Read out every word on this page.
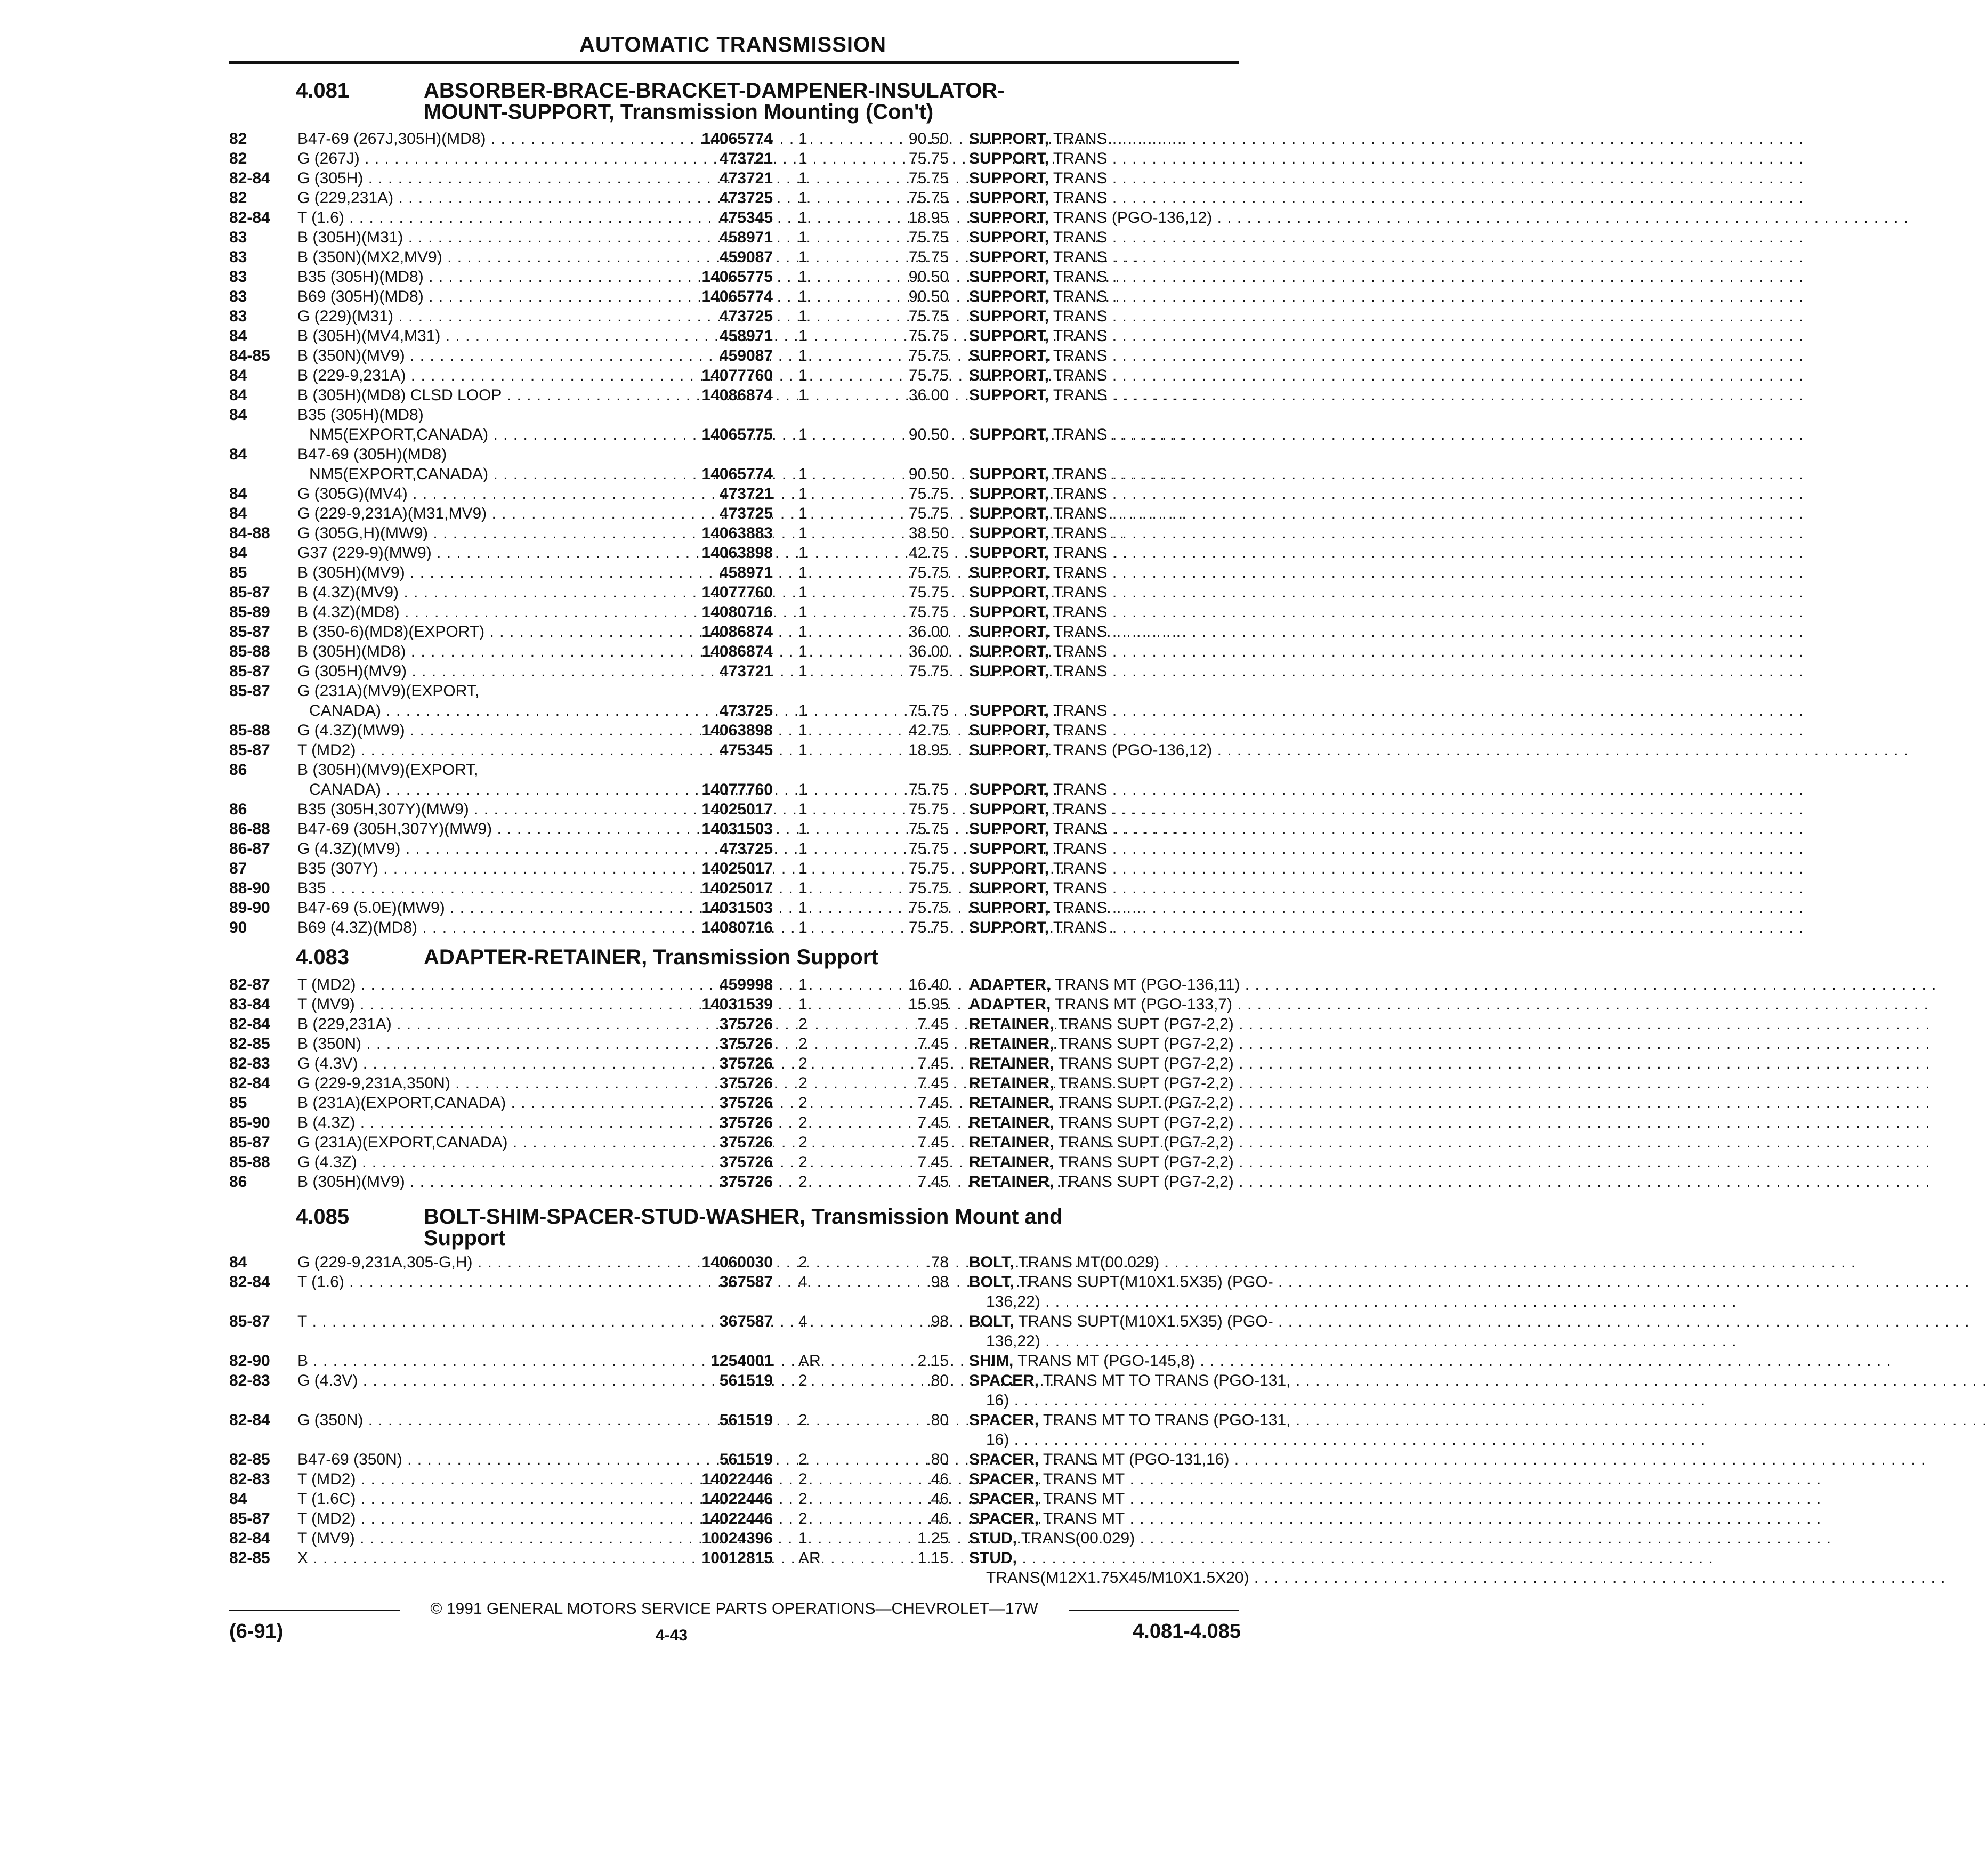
AUTOMATIC TRANSMISSION
4.081	ABSORBER-BRACE-BRACKET-DAMPENER-INSULATOR-
MOUNT-SUPPORT, Transmission Mounting (Con't)
82	B47-69 (267J,305H)(MD8) . . .	14065774 1	90.50 SUPPORT, TRANS . . .
82	G (267J) . . .	473721 1	75.75 SUPPORT, TRANS . . .
82-84	G (305H) . . .	473721 1	75.75 SUPPORT, TRANS . . .
82	G (229,231A) . . .	473725 1	75.75 SUPPORT, TRANS . . .
82-84	T (1.6) . . .	475345 1	18.95 SUPPORT, TRANS (PGO-136,12) . . .
83	B (305H)(M31) . . .	458971 1	75.75 SUPPORT, TRANS . . .
83	B (350N)(MX2,MV9) . . .	459087 1	75.75 SUPPORT, TRANS . . .
83	B35 (305H)(MD8) . . .	14065775 1	90.50 SUPPORT, TRANS . . .
83	B69 (305H)(MD8) . . .	14065774 1	90.50 SUPPORT, TRANS . . .
83	G (229)(M31) . . .	473725 1	75.75 SUPPORT, TRANS . . .
84	B (305H)(MV4,M31) . . .	458971 1	75.75 SUPPORT, TRANS . . .
84-85	B (350N)(MV9) . . .	459087 1	75.75 SUPPORT, TRANS . . .
84	B (229-9,231A) . . .	14077760 1	75.75 SUPPORT, TRANS . . .
84	B (305H)(MD8) CLSD LOOP . . .	14086874 1	36.00 SUPPORT, TRANS . . .
84	B35 (305H)(MD8)
NM5(EXPORT,CANADA) . . .	14065775 1	90.50 SUPPORT, TRANS . . .
84	B47-69 (305H)(MD8)
NM5(EXPORT,CANADA) . . .	14065774 1	90.50 SUPPORT, TRANS . . .
84	G (305G)(MV4) . . .	473721 1	75.75 SUPPORT, TRANS . . .
84	G (229-9,231A)(M31,MV9) . . .	473725 1	75.75 SUPPORT, TRANS . . .
84-88	G (305G,H)(MW9) . . .	14063883 1	38.50 SUPPORT, TRANS . . .
84	G37 (229-9)(MW9) . . .	14063898 1	42.75 SUPPORT, TRANS . . .
85	B (305H)(MV9) . . .	458971 1	75.75 SUPPORT, TRANS . . .
85-87	B (4.3Z)(MV9) . . .	14077760 1	75.75 SUPPORT, TRANS . . .
85-89	B (4.3Z)(MD8) . . .	14080716 1	75.75 SUPPORT, TRANS . . .
85-87	B (350-6)(MD8)(EXPORT) . . .	14086874 1	36.00 SUPPORT, TRANS . . .
85-88	B (305H)(MD8) . . .	14086874 1	36.00 SUPPORT, TRANS . . .
85-87	G (305H)(MV9) . . .	473721 1	75.75 SUPPORT, TRANS . . .
85-87	G (231A)(MV9)(EXPORT,
CANADA) . . .	473725 1	75.75 SUPPORT, TRANS . . .
85-88	G (4.3Z)(MW9) . . .	14063898 1	42.75 SUPPORT, TRANS . . .
85-87	T (MD2) . . .	475345 1	18.95 SUPPORT, TRANS (PGO-136,12) . . .
86	B (305H)(MV9)(EXPORT,
CANADA) . . .	14077760 1	75.75 SUPPORT, TRANS . . .
86	B35 (305H,307Y)(MW9) . . .	14025017 1	75.75 SUPPORT, TRANS . . .
86-88	B47-69 (305H,307Y)(MW9) . . .	14031503 1	75.75 SUPPORT, TRANS . . .
86-87	G (4.3Z)(MV9) . . .	473725 1	75.75 SUPPORT, TRANS . . .
87	B35 (307Y) . . .	14025017 1	75.75 SUPPORT, TRANS . . .
88-90	B35 . . .	14025017 1	75.75 SUPPORT, TRANS . . .
89-90	B47-69 (5.0E)(MW9) . . .	14031503 1	75.75 SUPPORT, TRANS . . .
90	B69 (4.3Z)(MD8) . . .	14080716 1	75.75 SUPPORT, TRANS . . .
4.083	ADAPTER-RETAINER, Transmission Support
82-87	T (MD2) . . .	459998 1	16.40 ADAPTER, TRANS MT (PGO-136,11) . . .
83-84	T (MV9) . . .	14031539 1	15.95 ADAPTER, TRANS MT (PGO-133,7) . . .
82-84	B (229,231A) . . .	375726 2	7.45 RETAINER, TRANS SUPT (PG7-2,2) . . .
82-85	B (350N) . . .	375726 2	7.45 RETAINER, TRANS SUPT (PG7-2,2) . . .
82-83	G (4.3V) . . .	375726 2	7.45 RETAINER, TRANS SUPT (PG7-2,2) . . .
82-84	G (229-9,231A,350N) . . .	375726 2	7.45 RETAINER, TRANS SUPT (PG7-2,2) . . .
85	B (231A)(EXPORT,CANADA) . . .	375726 2	7.45 RETAINER, TRANS SUPT (PG7-2,2) . . .
85-90	B (4.3Z) . . .	375726 2	7.45 RETAINER, TRANS SUPT (PG7-2,2) . . .
85-87	G (231A)(EXPORT,CANADA) . . .	375726 2	7.45 RETAINER, TRANS SUPT (PG7-2,2) . . .
85-88	G (4.3Z) . . .	375726 2	7.45 RETAINER, TRANS SUPT (PG7-2,2) . . .
86	B (305H)(MV9) . . .	375726 2	7.45 RETAINER, TRANS SUPT (PG7-2,2) . . .
4.085	BOLT-SHIM-SPACER-STUD-WASHER, Transmission Mount and
Support
84	G (229-9,231A,305-G,H) . . .	14060030 2	.78 BOLT, TRANS MT(00.029) . . .
82-84	T (1.6) . . .	367587 4	.98 BOLT, TRANS SUPT(M10X1.5X35) (PGO- . . .
136,22) . . .
85-87	T . . .	367587 4	.98 BOLT, TRANS SUPT(M10X1.5X35) (PGO- . . .
136,22) . . .
82-90	B . . .	1254001 AR	2.15 SHIM, TRANS MT (PGO-145,8) . . .
82-83	G (4.3V) . . .	561519 2	.80 SPACER, TRANS MT TO TRANS (PGO-131, . . .
16) . . .
82-84	G (350N) . . .	561519 2	.80 SPACER, TRANS MT TO TRANS (PGO-131, . . .
16) . . .
82-85	B47-69 (350N) . . .	561519 2	.80 SPACER, TRANS MT (PGO-131,16) . . .
82-83	T (MD2) . . .	14022446 2	.46 SPACER, TRANS MT . . .
84	T (1.6C) . . .	14022446 2	.46 SPACER, TRANS MT . . .
85-87	T (MD2) . . .	14022446 2	.46 SPACER, TRANS MT . . .
82-84	T (MV9) . . .	10024396 1	1.25 STUD, TRANS(00.029) . . .
82-85	X . . .	10012815 AR	1.15 STUD, . . .
TRANS(M12X1.75X45/M10X1.5X20) . . .
© 1991 GENERAL MOTORS SERVICE PARTS OPERATIONS—CHEVROLET—17W
(6-91)	4-43	4.081-4.085
